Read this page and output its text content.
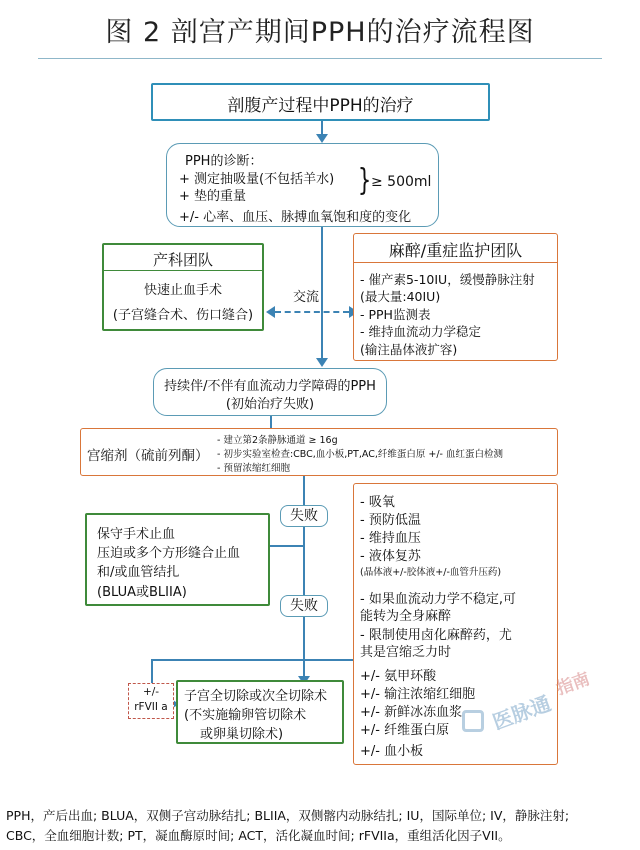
图 2 剖宫产期间PPH的治疗流程图
剖腹产过程中PPH的治疗
PPH的诊断：
+ 测定抽吸量(不包括羊水)
+ 垫的重量	} ≥ 500ml
+/- 心率、血压、脉搏血氧饱和度的变化
产科团队
快速止血手术
(子宫缝合术、伤口缝合)
交流
麻醉/重症监护团队
- 催产素5-10IU，缓慢静脉注射
(最大量:40IU)
- PPH监测表
- 维持血流动力学稳定
(输注晶体液扩容)
持续伴/不伴有血流动力学障碍的PPH
(初始治疗失败)
宫缩剂（硫前列酮）
- 建立第2条静脉通道 ≥ 16g
- 初步实验室检查:CBC,血小板,PT,AC,纤维蛋白原 +/- 血红蛋白检测
- 预留浓缩红细胞
失败
保守手术止血
压迫或多个方形缝合止血
和/或血管结扎
(BLUA或BLIIA)
失败
+/-
rFVII a
子宫全切除或次全切除术
(不实施输卵管切除术
或卵巢切除术)
- 吸氧
- 预防低温
- 维持血压
- 液体复苏
(晶体液+/-胶体液+/-血管升压药)
- 如果血流动力学不稳定,可
能转为全身麻醉
- 限制使用卤化麻醉药，尤
其是宫缩乏力时
+/- 氨甲环酸
+/- 输注浓缩红细胞
+/- 新鲜冰冻血浆
+/- 纤维蛋白原
+/- 血小板
医脉通
指南
PPH，产后出血; BLUA，双侧子宫动脉结扎; BLIIA，双侧髂内动脉结扎; IU，国际单位; IV，静脉注射;
CBC，全血细胞计数; PT，凝血酶原时间; ACT，活化凝血时间; rFVIIa，重组活化因子VII。
